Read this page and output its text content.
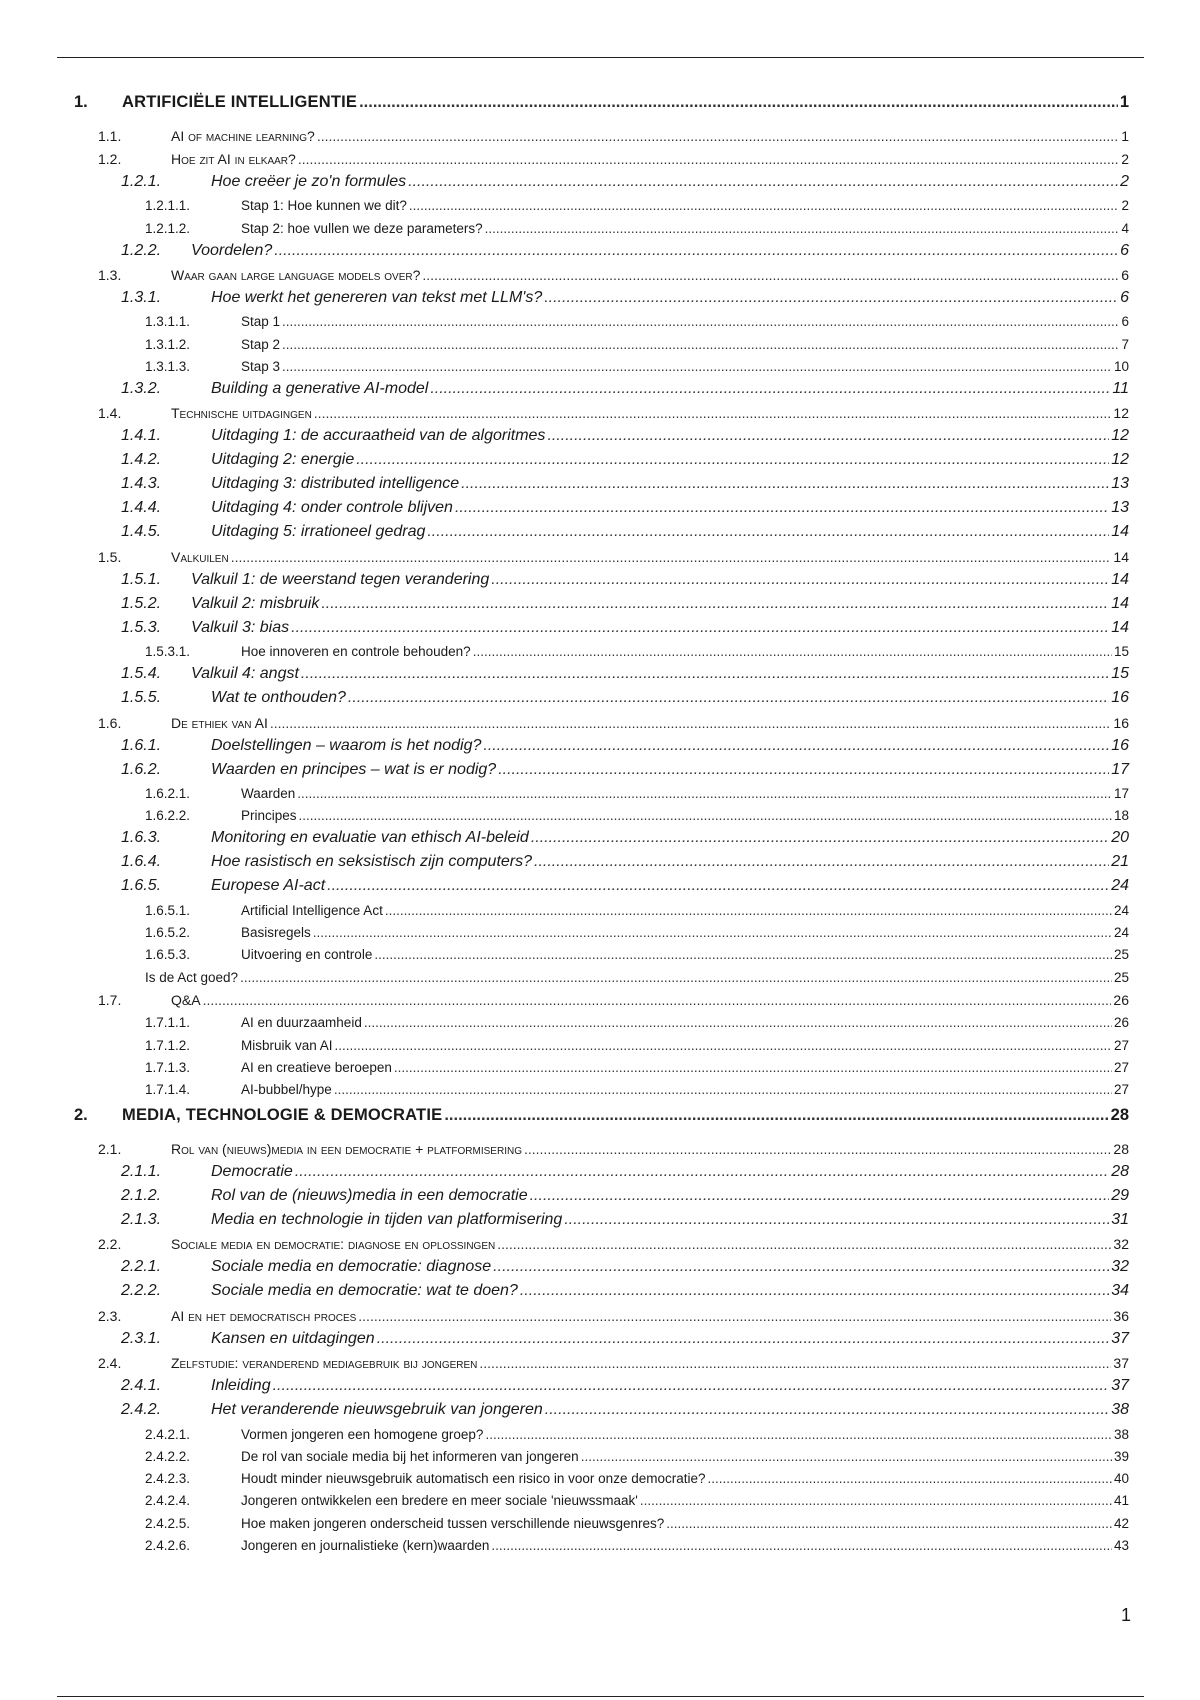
1.	ARTIFICIËLE INTELLIGENTIE .....	1
1.1.	AI of machine learning? .....	1
1.2.	Hoe zit AI in elkaar? .....	2
1.2.1.	Hoe creëer je zo'n formules .....	2
1.2.1.1.	Stap 1: Hoe kunnen we dit? .....	2
1.2.1.2.	Stap 2: hoe vullen we deze parameters? .....	4
1.2.2.	Voordelen? .....	6
1.3.	Waar gaan large language models over? .....	6
1.3.1.	Hoe werkt het genereren van tekst met LLM's? .....	6
1.3.1.1.	Stap 1 .....	6
1.3.1.2.	Stap 2 .....	7
1.3.1.3.	Stap 3 .....	10
1.3.2.	Building a generative AI-model .....	11
1.4.	Technische uitdagingen .....	12
1.4.1.	Uitdaging 1: de accuraatheid van de algoritmes .....	12
1.4.2.	Uitdaging 2: energie .....	12
1.4.3.	Uitdaging 3: distributed intelligence .....	13
1.4.4.	Uitdaging 4: onder controle blijven .....	13
1.4.5.	Uitdaging 5: irrationeel gedrag .....	14
1.5.	Valkuilen .....	14
1.5.1.	Valkuil 1: de weerstand tegen verandering .....	14
1.5.2.	Valkuil 2: misbruik .....	14
1.5.3.	Valkuil 3: bias .....	14
1.5.3.1.	Hoe innoveren en controle behouden? .....	15
1.5.4.	Valkuil 4: angst .....	15
1.5.5.	Wat te onthouden? .....	16
1.6.	De ethiek van AI .....	16
1.6.1.	Doelstellingen – waarom is het nodig? .....	16
1.6.2.	Waarden en principes – wat is er nodig? .....	17
1.6.2.1.	Waarden .....	17
1.6.2.2.	Principes .....	18
1.6.3.	Monitoring en evaluatie van ethisch AI-beleid .....	20
1.6.4.	Hoe rasistisch en seksistisch zijn computers? .....	21
1.6.5.	Europese AI-act .....	24
1.6.5.1.	Artificial Intelligence Act .....	24
1.6.5.2.	Basisregels .....	24
1.6.5.3.	Uitvoering en controle .....	25
Is de Act goed? .....	25
1.7.	Q&A .....	26
1.7.1.1.	AI en duurzaamheid .....	26
1.7.1.2.	Misbruik van AI .....	27
1.7.1.3.	AI en creatieve beroepen .....	27
1.7.1.4.	AI-bubbel/hype .....	27
2.	MEDIA, TECHNOLOGIE & DEMOCRATIE .....	28
2.1.	Rol van (nieuws)media in een democratie + platformisering .....	28
2.1.1.	Democratie .....	28
2.1.2.	Rol van de (nieuws)media in een democratie .....	29
2.1.3.	Media en technologie in tijden van platformisering .....	31
2.2.	Sociale media en democratie: diagnose en oplossingen .....	32
2.2.1.	Sociale media en democratie: diagnose .....	32
2.2.2.	Sociale media en democratie: wat te doen? .....	34
2.3.	AI en het democratisch proces .....	36
2.3.1.	Kansen en uitdagingen .....	37
2.4.	Zelfstudie: veranderend mediagebruik bij jongeren .....	37
2.4.1.	Inleiding .....	37
2.4.2.	Het veranderende nieuwsgebruik van jongeren .....	38
2.4.2.1.	Vormen jongeren een homogene groep? .....	38
2.4.2.2.	De rol van sociale media bij het informeren van jongeren .....	39
2.4.2.3.	Houdt minder nieuwsgebruik automatisch een risico in voor onze democratie? .....	40
2.4.2.4.	Jongeren ontwikkelen een bredere en meer sociale 'nieuwssmaak' .....	41
2.4.2.5.	Hoe maken jongeren onderscheid tussen verschillende nieuwsgenres? .....	42
2.4.2.6.	Jongeren en journalistieke (kern)waarden .....	43
1
